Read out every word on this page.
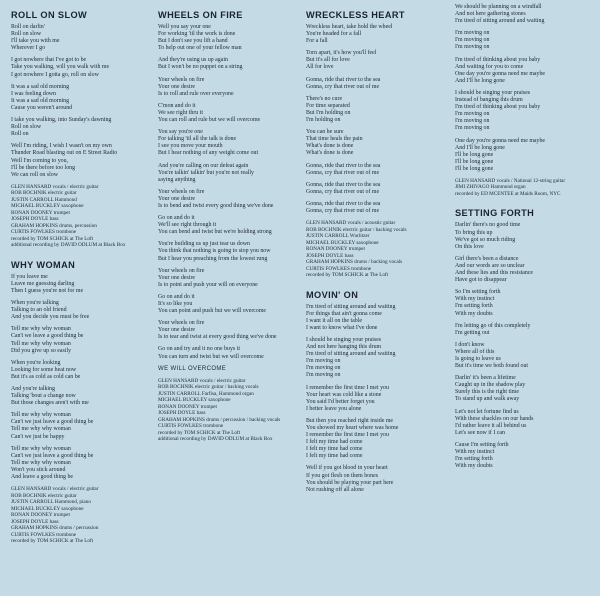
ROLL ON SLOW
Roll on darlin'
Roll on slow
I'll take you with me
Wherever I go
I got nowhere that I've got to be
Take you walking, will you walk with me
I got nowhere I gotta go, roll on slow
It was a sad old morning
I was feeling down
It was a sad old morning
Cause you weren't around
I take you walking, into Sunday's dawning
Roll on slow
Roll on
Well I'm riding, I wish I wasn't on my own
Thunder Road blasting out on E Street Radio
Well I'm coming to you,
I'll be there before too long
We can roll on slow
GLEN HANSARD vocals / electric guitar
ROB BOCHNIK electric guitar
JUSTIN CARROLL Hammond
MICHAEL BUCKLEY saxophone
RONAN DOONEY trumpet
JOSEPH DOYLE bass
GRAHAM HOPKINS drums, percussion
CURTIS FOWLKES trombone
recorded by TOM SCHICK at The Loft
additional recording by DAVID ODLUM at Black Box
WHY WOMAN
If you leave me
Leave me guessing darling
Then I guess you're not for me
When you're talking
Talking to an old friend
And you decide you must be free
Tell me why why woman
Can't we leave a good thing be
Tell me why why woman
Did you give up so easily
When you're looking
Looking for some heat now
But it's as cold as cold can be
And you're talking
Talking 'bout a change now
But those changes aren't with me
Tell me why why woman
Can't we just leave a good thing be
Tell me why why woman
Can't we just be happy
Tell me why why woman
Can't we just leave a good thing be
Tell me why why woman
Won't you stick around
And leave a good thing be
GLEN HANSARD vocals / electric guitar
ROB BOCHNIK electric guitar
JUSTIN CARROLL Hammond, piano
MICHAEL BUCKLEY saxophone
RONAN DOONEY trumpet
JOSEPH DOYLE bass
GRAHAM HOPKINS drums / percussion
CURTIS FOWLKES trombone
recorded by TOM SCHICK at The Loft
WHEELS ON FIRE
Well you say your one
For working 'til the work is done
But I don't see you lift a hand
To help out one of your fellow man
And they're using us up again
But I won't be no puppet on a string
Your wheels on fire
Your one desire
Is to roll and rule over everyone
C'mon and do it
We see right thru it
You can roll and rule but we will overcome
You say you're one
For talking 'til all the talk is done
I see you move your mouth
But I hear nothing of any weight come out
And you're calling on our defeat again
You're talkin' talkin' but you're not really
saying anything
Your wheels on fire
Your one desire
Is to bend and twist every good thing we've done
Go on and do it
We'll see right through it
You can bend and twist but we're holding strong
You're building us up just tear us down
You think that nothing is going to stop you now
But I hear you preaching from the lowest rung
Your wheels on fire
Your one desire
Is to point and push your will on everyone
Go on and do it
It's so like you
You can point and push but we will overcome
Your wheels on fire
Your one desire
Is to tear and twist at every good thing we've done
Go on and try and it no one buys it
You can turn and twist but we will overcome
WE WILL OVERCOME
GLEN HANSARD vocals / electric guitar
ROB BOCHNIK electric guitar / backing vocals
JUSTIN CARROLL Farfisa, Hammond organ
MICHAEL BUCKLEY saxophone
RONAN DOONEY trumpet
JOSEPH DOYLE bass
GRAHAM HOPKINS drums / percussion / backing vocals
CURTIS FOWLKES trombone
recorded by TOM SCHICK at The Loft
additional recording by DAVID ODLUM at Black Box
WRECKLESS HEART
Wreckless heart, take hold the wheel
You're headed for a fall
For a fall
Torn apart, it's how you'll feel
But it's all for love
All for love
Gonna, ride that river to the sea
Gonna, cry that river out of me
There's no cure
For time separated
But I'm holding on
I'm holding on
You can be sure
That time heals the pain
What's done is done
What's done is done
Gonna, ride that river to the sea
Gonna, cry that river out of me
Gonna, ride that river to the sea
Gonna, cry that river out of me
Gonna, ride that river to the sea
Gonna, cry that river out of me
GLEN HANSARD vocals / acoustic guitar
ROB BOCHNIK electric guitar / backing vocals
JUSTIN CARROLL Wurlitzer
MICHAEL BUCKLEY saxophone
RONAN DOONEY trumpet
JOSEPH DOYLE bass
GRAHAM HOPKINS drums / backing vocals
CURTIS FOWLKES trombone
recorded by TOM SCHICK at The Loft
MOVIN' ON
I'm tired of sitting around and waiting
For things that ain't gonna come
I want it all on the table
I want to know what I've done
I should be singing your praises
And not here hanging this drum
I'm tired of sitting around and waiting
I'm moving on
I'm moving on
I'm moving on
I remember the first time I met you
Your heart was cold like a stone
You said I'd better forget you
I better leave you alone
But then you reached right inside me
You showed my heart where was home
I remember the first time I met you
I felt my time had come
I felt my time had come
I felt my time had come
Well if you got blood in your heart
If you got flesh on them bones
You should be playing your part here
Not rushing off all alone
We should be planning on a windfall
And not here gathering stones
I'm tired of sitting around and waiting
I'm moving on
I'm moving on
I'm moving on
I'm tired of thinking about you baby
And waiting for you to come
One day you're gonna need me maybe
And I'll be long gone
I should be singing your praises
Instead of banging this drum
I'm tired of thinking about you baby
I'm moving on
I'm moving on
I'm moving on
One day you're gonna need me maybe
And I'll be long gone
I'll be long gone
I'll be long gone
I'll be long gone
GLEN HANSARD vocals / National 12-string guitar
JIMI ZHIVAGO Hammond organ
recorded by ED MCENTEE at Maids Room, NYC
SETTING FORTH
Darlin' there's no good time
To bring this up
We've got so much riding
On this love
Girl there's been a distance
And our words are so unclear
And these lies and this resistance
Have got to disappear
So I'm setting forth
With my instinct
I'm setting forth
With my doubts
I'm letting go of this completely
I'm getting out
I don't know
Where all of this
Is going to leave us
But it's time we both found out
Darlin' it's been a lifetime
Caught up in the shadow play
Surely this is the right time
To stand up and walk away
Let's not let fortune find us
With these shackles on our hands
I'd rather leave it all behind us
Let's see now if I can
Cause I'm setting forth
With my instinct
I'm setting forth
With my doubts
